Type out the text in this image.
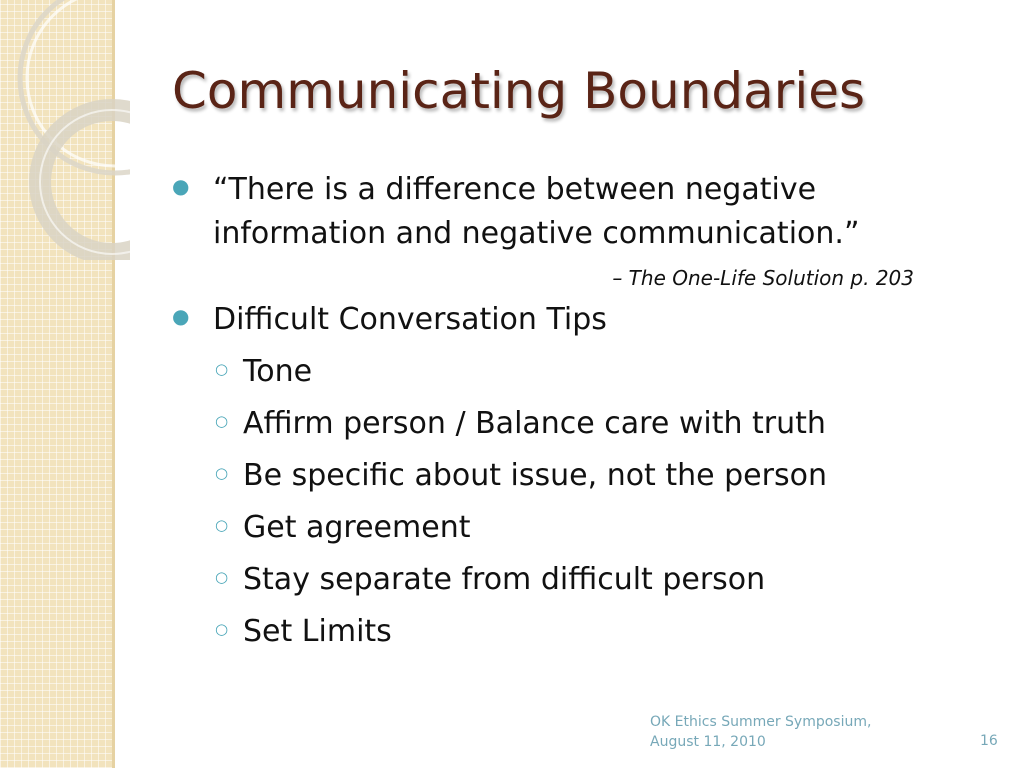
Communicating Boundaries
● “There is a difference between negative information and negative communication.”
– The One-Life Solution p. 203
● Difficult Conversation Tips
○ Tone
○ Affirm person / Balance care with truth
○ Be specific about issue, not the person
○ Get agreement
○ Stay separate from difficult person
○ Set Limits
OK Ethics Summer Symposium,
August 11, 2010	16
